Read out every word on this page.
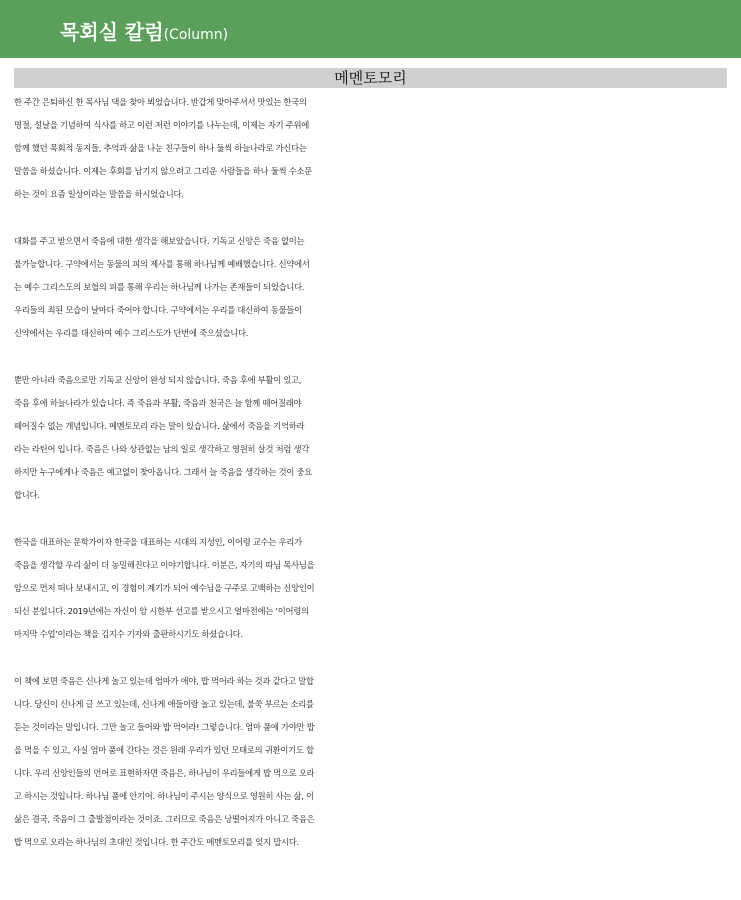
목회실 칼럼(Column)
메멘토모리
한 주간 은퇴하신 한 목사님 댁을 찾아 뵈었습니다. 반갑게 맞아주셔서 맛있는 한국의
명절, 설날을 기념하여 식사를 하고 이런 저런 이야기를 나누는데, 이제는 자기 주위에
함께 했던 목회적 동지들, 추억과 삶을 나눈 친구들이 하나 둘씩 하늘나라로 가신다는
말씀을 하셨습니다. 이제는 후회를 남기지 않으려고 그리운 사람들을 하나 둘씩 수소문
하는 것이 요즘 일상이라는 말씀을 하시었습니다.
대화를 주고 받으면서 죽음에 대한 생각을 해보았습니다. 기독교 신앙은 죽음 없이는
불가능합니다. 구약에서는 동물의 피의 제사를 통해 하나님께 예배했습니다. 신약에서
는 예수 그리스도의 보혈의 피를 통해 우리는 하나님께 나가는 존재들이 되었습니다.
우리들의 죄된 모습이 날마다 죽어야 합니다. 구약에서는 우리를 대신하여 동물들이
신약에서는 우리를 대신하여 예수 그리스도가 단번에 죽으셨습니다.
뿐만 아니라 죽음으로만 기독교 신앙이 완성 되지 않습니다. 죽음 후에 부활이 있고,
죽음 후에 하늘나라가 있습니다. 즉 죽음과 부활, 죽음과 천국은 늘 함께 떼어질래야
떼어질수 없는 개념입니다. 메멘토모리 라는 말이 있습니다. 삶에서 죽음을 기억하라
라는 라틴어 입니다. 죽음은 나와 상관없는 남의 일로 생각하고 영원히 살것 처럼 생각
하지만 누구에게나 죽음은 예고없이 찾아옵니다. 그래서 늘 죽음을 생각하는 것이 중요
합니다.
한국을 대표하는 문학가이자 한국을 대표하는 시대의 지성인, 이어령 교수는 우리가
죽음을 생각할 우리 삶이 더 농밀해진다고 이야기합니다. 이분은, 자기의 따님 목사님을
암으로 먼저 떠나 보내시고, 이 경험이 계기가 되어 예수님을 구주로 고백하는 신앙인이
되신 분입니다. 2019년에는 자신이 암 시한부 선고를 받으시고 얼마전에는 ‘이어령의
마지막 수업’이라는 책을 김지수 기자와 출판하시기도 하셨습니다.
이 책에 보면 죽음은 신나게 놀고 있는데 엄마가 애야, 밥 먹어라 하는 것과 같다고 말합
니다. 당신이 신나게 글 쓰고 있는데, 신나게 애들이랑 놀고 있는데, 불쑥 부르는 소리를
듣는 것이라는 말입니다. 그만 놀고 들어와 밥 먹어라! 그렇습니다. 엄마 품에 가야만 밥
을 먹을 수 있고, 사실 엄마 품에 간다는 것은 원래 우리가 있던 모태로의 귀환이기도 합
니다. 우리 신앙인들의 언어로 표현하자면 죽음은, 하나님이 우리들에게 밥 먹으로 오라
고 하시는 것입니다. 하나님 품에 안기어. 하나님이 주시는 양식으로 영원히 사는 삶, 이
삶은 결국, 죽음이 그 출발점이라는 것이죠. 그러므로 죽음은 낭떨어지가 아니고 죽음은
밥 먹으로 오라는 하나님의 초대인 것입니다. 한 주간도 메멘토모리를 잊지 맙시다.
